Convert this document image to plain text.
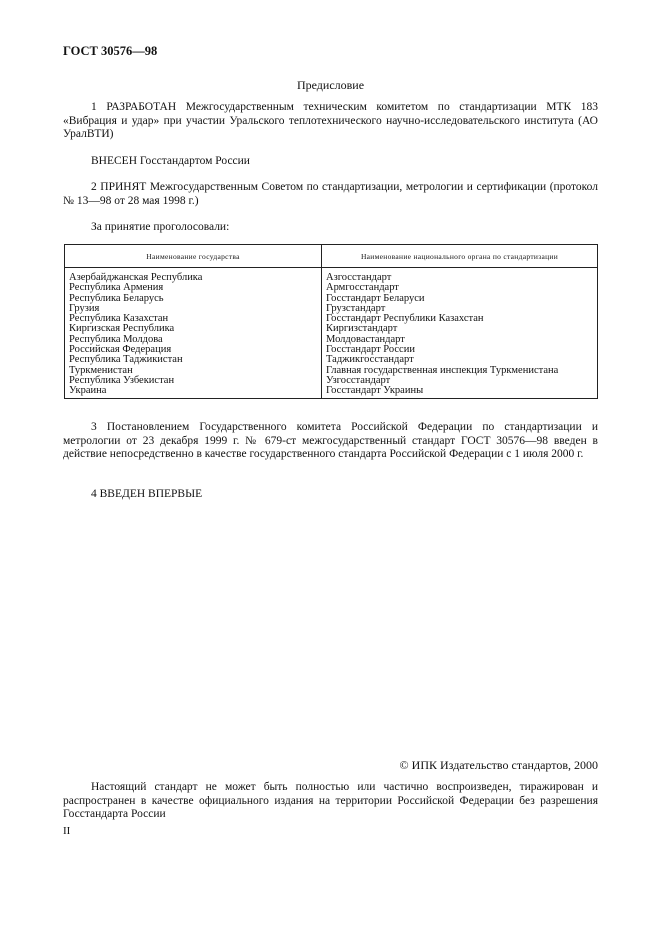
ГОСТ 30576—98
Предисловие
1 РАЗРАБОТАН Межгосударственным техническим комитетом по стандартизации МТК 183 «Вибрация и удар» при участии Уральского теплотехнического научно-исследовательского института (АО УралВТИ)
ВНЕСЕН Госстандартом России
2 ПРИНЯТ Межгосударственным Советом по стандартизации, метрологии и сертификации (протокол № 13—98 от 28 мая 1998 г.)
За принятие проголосовали:
Наименование государства	Наименование национального органа по стандартизации
Азербайджанская Республика	Азгосстандарт
Республика Армения	Армгосстандарт
Республика Беларусь	Госстандарт Беларуси
Грузия	Грузстандарт
Республика Казахстан	Госстандарт Республики Казахстан
Киргизская Республика	Киргизстандарт
Республика Молдова	Молдовастандарт
Российская Федерация	Госстандарт России
Республика Таджикистан	Таджикгосстандарт
Туркменистан	Главная государственная инспекция Туркменистана
Республика Узбекистан	Узгосстандарт
Украина	Госстандарт Украины
3 Постановлением Государственного комитета Российской Федерации по стандартизации и метрологии от 23 декабря 1999 г. № 679-ст межгосударственный стандарт ГОСТ 30576—98 введен в действие непосредственно в качестве государственного стандарта Российской Федерации с 1 июля 2000 г.
4 ВВЕДЕН ВПЕРВЫЕ
© ИПК Издательство стандартов, 2000
Настоящий стандарт не может быть полностью или частично воспроизведен, тиражирован и распространен в качестве официального издания на территории Российской Федерации без разрешения Госстандарта России
II
